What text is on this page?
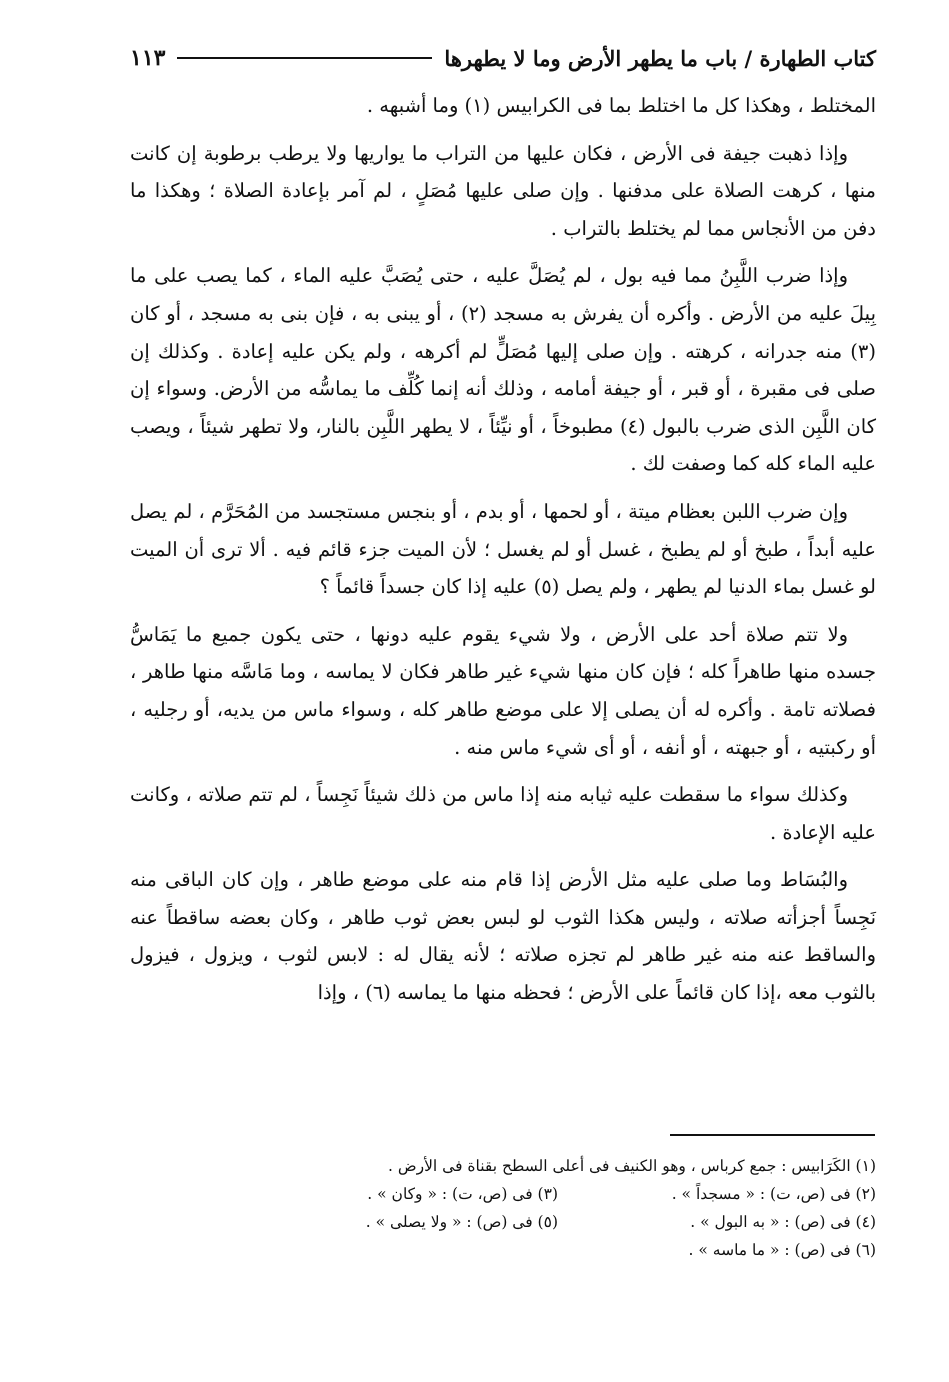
كتاب الطهارة / باب ما يطهر الأرض وما لا يطهرها
١١٣

المختلط ، وهكذا كل ما اختلط بما فى الكرابيس (١) وما أشبهه .

وإذا ذهبت جيفة فى الأرض ، فكان عليها من التراب ما يواريها ولا يرطب برطوبة إن كانت منها ، كرهت الصلاة على مدفنها . وإن صلى عليها مُصَلٍ ، لم آمر بإعادة الصلاة ؛ وهكذا ما دفن من الأنجاس مما لم يختلط بالتراب .

وإذا ضرب اللَّبِنُ مما فيه بول ، لم يُصَلَّ عليه ، حتى يُصَبَّ عليه الماء ، كما يصب على ما بِيلَ عليه من الأرض . وأكره أن يفرش به مسجد (٢) ، أو يبنى به ، فإن بنى به مسجد ، أو كان (٣) منه جدرانه ، كرهته . وإن صلى إليها مُصَلٍّ لم أكرهه ، ولم يكن عليه إعادة . وكذلك إن صلى فى مقبرة ، أو قبر ، أو جيفة أمامه ، وذلك أنه إنما كُلِّف ما يماسُّه من الأرض. وسواء إن كان اللَّبِن الذى ضرب بالبول (٤) مطبوخاً ، أو نيِّئاً ، لا يطهر اللَّبِن بالنار، ولا تطهر شيئاً ، ويصب عليه الماء كله كما وصفت لك .

وإن ضرب اللبن بعظام ميتة ، أو لحمها ، أو بدم ، أو بنجس مستجسد من المُحَرَّم ، لم يصل عليه أبداً ، طبخ أو لم يطبخ ، غسل أو لم يغسل ؛ لأن الميت جزء قائم فيه . ألا ترى أن الميت لو غسل بماء الدنيا لم يطهر ، ولم يصل (٥) عليه إذا كان جسداً قائماً ؟

ولا تتم صلاة أحد على الأرض ، ولا شيء يقوم عليه دونها ، حتى يكون جميع ما يَمَاسُّ جسده منها طاهراً كله ؛ فإن كان منها شيء غير طاهر فكان لا يماسه ، وما مَاسَّه منها طاهر ، فصلاته تامة . وأكره له أن يصلى إلا على موضع طاهر كله ، وسواء ماس من يديه، أو رجليه ، أو ركبتيه ، أو جبهته ، أو أنفه ، أو أى شيء ماس منه .

وكذلك سواء ما سقطت عليه ثيابه منه إذا ماس من ذلك شيئاً نَجِساً ، لم تتم صلاته ، وكانت عليه الإعادة .

والبُسَاط وما صلى عليه مثل الأرض إذا قام منه على موضع طاهر ، وإن كان الباقى منه نَجِساً أجزأته صلاته ، وليس هكذا الثوب لو لبس بعض ثوب طاهر ، وكان بعضه ساقطاً عنه والساقط عنه منه غير طاهر لم تجزه صلاته ؛ لأنه يقال له : لابس لثوب ، ويزول ، فيزول بالثوب معه ،إذا كان قائماً على الأرض ؛ فحظه منها ما يماسه (٦) ، وإذا

(١) الكَرَابيس : جمع كرباس ، وهو الكنيف فى أعلى السطح بقناة فى الأرض .
(٢) فى (ص، ت) : « مسجداً » .
(٣) فى (ص، ت) : « وكان » .
(٤) فى (ص) : « به البول » .
(٥) فى (ص) : « ولا يصلى » .
(٦) فى (ص) : « ما ماسه » .
